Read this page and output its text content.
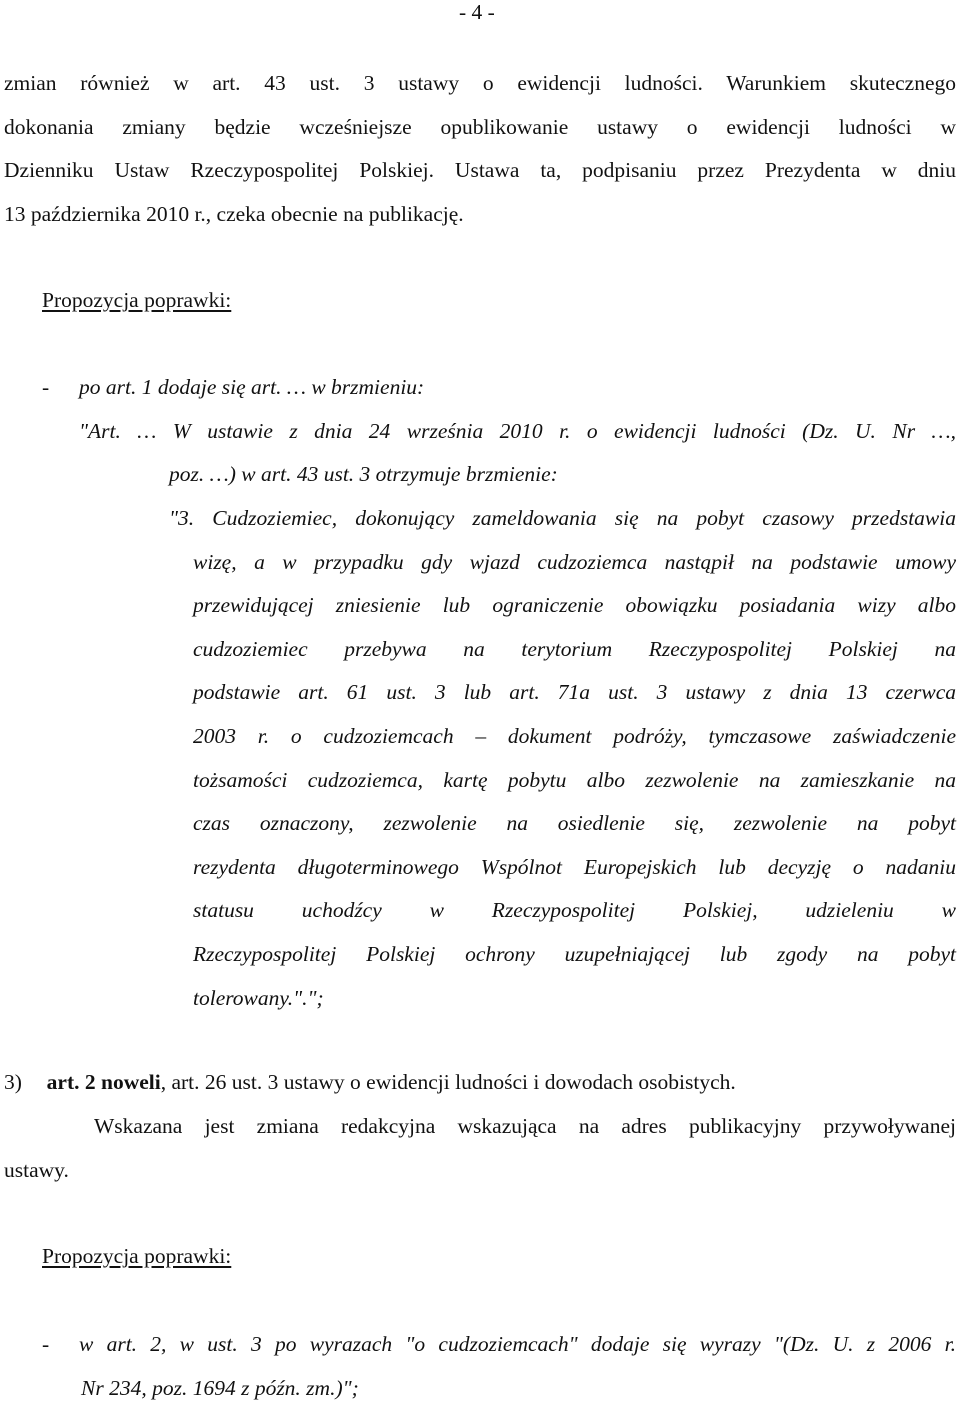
- 4 -
zmian również w art. 43 ust. 3 ustawy o ewidencji ludności. Warunkiem skutecznego
dokonania zmiany będzie wcześniejsze opublikowanie ustawy o ewidencji ludności w
Dzienniku Ustaw Rzeczypospolitej Polskiej. Ustawa ta, podpisaniu przez Prezydenta w dniu
13 października 2010 r., czeka obecnie na publikację.
Propozycja poprawki:
- po art. 1 dodaje się art. … w brzmieniu:
"Art. … W ustawie z dnia 24 września 2010 r. o ewidencji ludności (Dz. U. Nr …,
poz. …) w art. 43 ust. 3 otrzymuje brzmienie:
"3. Cudzoziemiec, dokonujący zameldowania się na pobyt czasowy przedstawia
wizę, a w przypadku gdy wjazd cudzoziemca nastąpił na podstawie umowy
przewidującej zniesienie lub ograniczenie obowiązku posiadania wizy albo
cudzoziemiec przebywa na terytorium Rzeczypospolitej Polskiej na
podstawie art. 61 ust. 3 lub art. 71a ust. 3 ustawy z dnia 13 czerwca
2003 r. o cudzoziemcach – dokument podróży, tymczasowe zaświadczenie
tożsamości cudzoziemca, kartę pobytu albo zezwolenie na zamieszkanie na
czas oznaczony, zezwolenie na osiedlenie się, zezwolenie na pobyt
rezydenta długoterminowego Wspólnot Europejskich lub decyzję o nadaniu
statusu uchodźcy w Rzeczypospolitej Polskiej, udzieleniu w
Rzeczypospolitej Polskiej ochrony uzupełniającej lub zgody na pobyt
tolerowany.".";
3) art. 2 noweli, art. 26 ust. 3 ustawy o ewidencji ludności i dowodach osobistych.
Wskazana jest zmiana redakcyjna wskazująca na adres publikacyjny przywoływanej
ustawy.
Propozycja poprawki:
- w art. 2, w ust. 3 po wyrazach "o cudzoziemcach" dodaje się wyrazy "(Dz. U. z 2006 r.
Nr 234, poz. 1694 z późn. zm.)";
